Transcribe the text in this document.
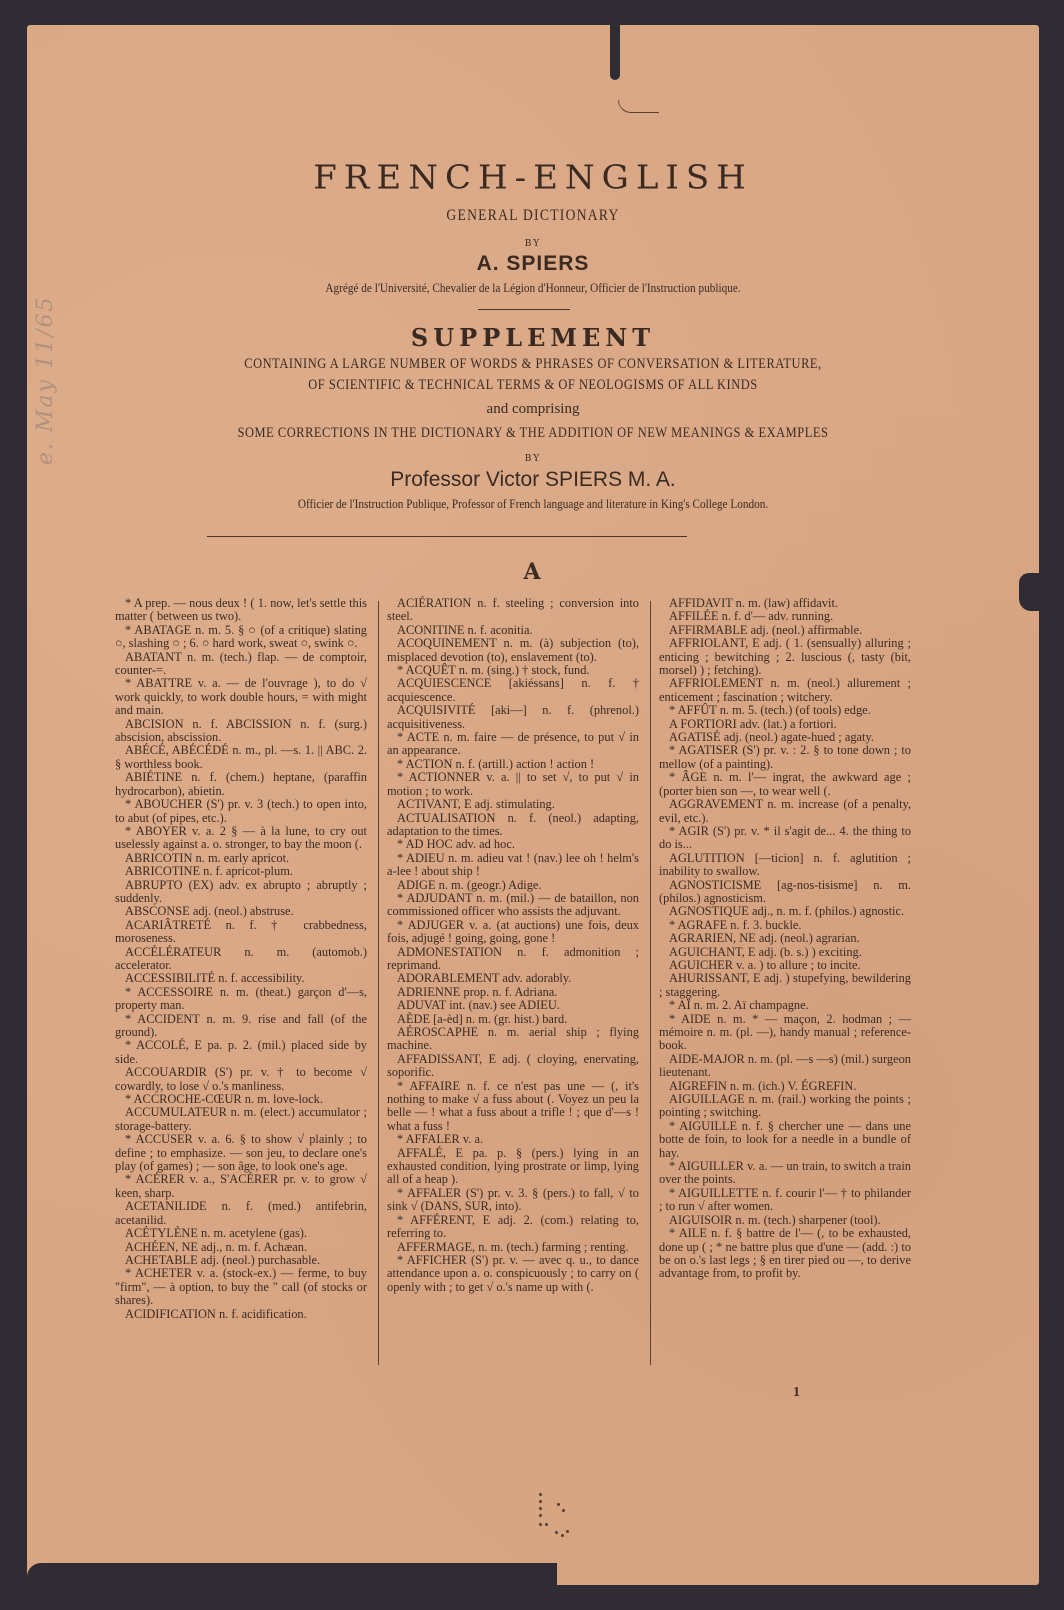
e. May 11/65
FRENCH-ENGLISH
GENERAL DICTIONARY
BY
A. SPIERS
Agrégé de l'Université, Chevalier de la Légion d'Honneur, Officier de l'Instruction publique.
SUPPLEMENT
CONTAINING A LARGE NUMBER OF WORDS & PHRASES OF CONVERSATION & LITERATURE,
OF SCIENTIFIC & TECHNICAL TERMS & OF NEOLOGISMS OF ALL KINDS
and comprising
SOME CORRECTIONS IN THE DICTIONARY & THE ADDITION OF NEW MEANINGS & EXAMPLES
BY
Professor Victor SPIERS M. A.
Officier de l'Instruction Publique, Professor of French language and literature in King's College London.
A

* A prep. — nous deux ! ( 1. now, let's settle this matter ( between us two).

* ABATAGE n. m. 5. § ○ (of a critique) slating ○, slashing ○ ; 6. ○ hard work, sweat ○, swink ○.

ABATANT n. m. (tech.) flap. — de comptoir, counter-=.

* ABATTRE v. a. — de l'ouvrage ), to do √ work quickly, to work double hours, = with might and main.

ABCISION n. f. ABCISSION n. f. (surg.) abscision, abscission.

ABÉCÉ, ABÉCÉDÉ n. m., pl. —s. 1. || ABC. 2. § worthless book.

ABIÉTINE n. f. (chem.) heptane, (paraffin hydrocarbon), abietin.

* ABOUCHER (S') pr. v. 3 (tech.) to open into, to abut (of pipes, etc.).

* ABOYER v. a. 2 § — à la lune, to cry out uselessly against a. o. stronger, to bay the moon (.

ABRICOTIN n. m. early apricot.

ABRICOTINE n. f. apricot-plum.

ABRUPTO (EX) adv. ex abrupto ; abruptly ; suddenly.

ABSCONSE adj. (neol.) abstruse.

ACARIÂTRETÉ n. f. † crabbedness, moroseness.

ACCÉLÉRATEUR n. m. (automob.) accelerator.

ACCESSIBILITÉ n. f. accessibility.

* ACCESSOIRE n. m. (theat.) garçon d'—s, property man.

* ACCIDENT n. m. 9. rise and fall (of the ground).

* ACCOLÉ, E pa. p. 2. (mil.) placed side by side.

ACCOUARDIR (S') pr. v. † to become √ cowardly, to lose √ o.'s manliness.

* ACCROCHE-CŒUR n. m. love-lock.

ACCUMULATEUR n. m. (elect.) accumulator ; storage-battery.

* ACCUSER v. a. 6. § to show √ plainly ; to define ; to emphasize. — son jeu, to declare one's play (of games) ; — son âge, to look one's age.

* ACÉRER v. a., S'ACÉRER pr. v. to grow √ keen, sharp.

ACETANILIDE n. f. (med.) antifebrin, acetanilid.

ACÉTYLÈNE n. m. acetylene (gas).

ACHÉEN, NE adj., n. m. f. Achæan.

ACHETABLE adj. (neol.) purchasable.

* ACHETER v. a. (stock-ex.) — ferme, to buy "firm", — à option, to buy the " call (of stocks or shares).

ACIDIFICATION n. f. acidification.

ACIÉRATION n. f. steeling ; conversion into steel.

ACONITINE n. f. aconitia.

ACOQUINEMENT n. m. (à) subjection (to), misplaced devotion (to), enslavement (to).

* ACQUÊT n. m. (sing.) † stock, fund.

ACQUIESCENCE [akiéssans] n. f. † acquiescence.

ACQUISIVITÉ [aki—] n. f. (phrenol.) acquisitiveness.

* ACTE n. m. faire — de présence, to put √ in an appearance.

* ACTION n. f. (artill.) action ! action !

* ACTIONNER v. a. || to set √, to put √ in motion ; to work.

ACTIVANT, E adj. stimulating.

ACTUALISATION n. f. (neol.) adapting, adaptation to the times.

* AD HOC adv. ad hoc.

* ADIEU n. m. adieu vat ! (nav.) lee oh ! helm's a-lee ! about ship !

ADIGE n. m. (geogr.) Adige.

* ADJUDANT n. m. (mil.) — de bataillon, non commissioned officer who assists the adjuvant.

* ADJUGER v. a. (at auctions) une fois, deux fois, adjugé ! going, going, gone !

ADMONESTATION n. f. admonition ; reprimand.

ADORABLEMENT adv. adorably.

ADRIENNE prop. n. f. Adriana.

ADUVAT int. (nav.) see ADIEU.

AÈDE [a-èd] n. m. (gr. hist.) bard.

AÉROSCAPHE n. m. aerial ship ; flying machine.

AFFADISSANT, E adj. ( cloying, enervating, soporific.

* AFFAIRE n. f. ce n'est pas une — (, it's nothing to make √ a fuss about (. Voyez un peu la belle — ! what a fuss about a trifle ! ; que d'—s ! what a fuss !

* AFFALER v. a.

AFFALÉ, E pa. p. § (pers.) lying in an exhausted condition, lying prostrate or limp, lying all of a heap ).

* AFFALER (S') pr. v. 3. § (pers.) to fall, √ to sink √ (DANS, SUR, into).

* AFFÉRENT, E adj. 2. (com.) relating to, referring to.

AFFERMAGE, n. m. (tech.) farming ; renting.

* AFFICHER (S') pr. v. — avec q. u., to dance attendance upon a. o. conspicuously ; to carry on ( openly with ; to get √ o.'s name up with (.

AFFIDAVIT n. m. (law) affidavit.

AFFILÉE n. f. d'— adv. running.

AFFIRMABLE adj. (neol.) affirmable.

AFFRIOLANT, E adj. ( 1. (sensually) alluring ; enticing ; bewitching ; 2. luscious (, tasty (bit, morsel) ) ; fetching).

AFFRIOLEMENT n. m. (neol.) allurement ; enticement ; fascination ; witchery.

* AFFÛT n. m. 5. (tech.) (of tools) edge.

A FORTIORI adv. (lat.) a fortiori.

AGATISÉ adj. (neol.) agate-hued ; agaty.

* AGATISER (S') pr. v. : 2. § to tone down ; to mellow (of a painting).

* ÂGE n. m. l'— ingrat, the awkward age ; (porter bien son —, to wear well (.

AGGRAVEMENT n. m. increase (of a penalty, evil, etc.).

* AGIR (S') pr. v. * il s'agit de... 4. the thing to do is...

AGLUTITION [—ticion] n. f. aglutition ; inability to swallow.

AGNOSTICISME [ag-nos-tisisme] n. m. (philos.) agnosticism.

AGNOSTIQUE adj., n. m. f. (philos.) agnostic.

* AGRAFE n. f. 3. buckle.

AGRARIEN, NE adj. (neol.) agrarian.

AGUICHANT, E adj. (b. s.) ) exciting.

AGUICHER v. a. ) to allure ; to incite.

AHURISSANT, E adj. ) stupefying, bewildering ; staggering.

* AÏ n. m. 2. Aï champagne.

* AIDE n. m. * — maçon, 2. hodman ; — mémoire n. m. (pl. —), handy manual ; reference-book.

AIDE-MAJOR n. m. (pl. —s —s) (mil.) surgeon lieutenant.

AIGREFIN n. m. (ich.) V. ÉGREFIN.

AIGUILLAGE n. m. (rail.) working the points ; pointing ; switching.

* AIGUILLE n. f. § chercher une — dans une botte de foin, to look for a needle in a bundle of hay.

* AIGUILLER v. a. — un train, to switch a train over the points.

* AIGUILLETTE n. f. courir l'— † to philander ; to run √ after women.

AIGUISOIR n. m. (tech.) sharpener (tool).

* AILE n. f. § battre de l'— (, to be exhausted, done up ( ; * ne battre plus que d'une — (add. :) to be on o.'s last legs ; § en tirer pied ou —, to derive advantage from, to profit by.

1
